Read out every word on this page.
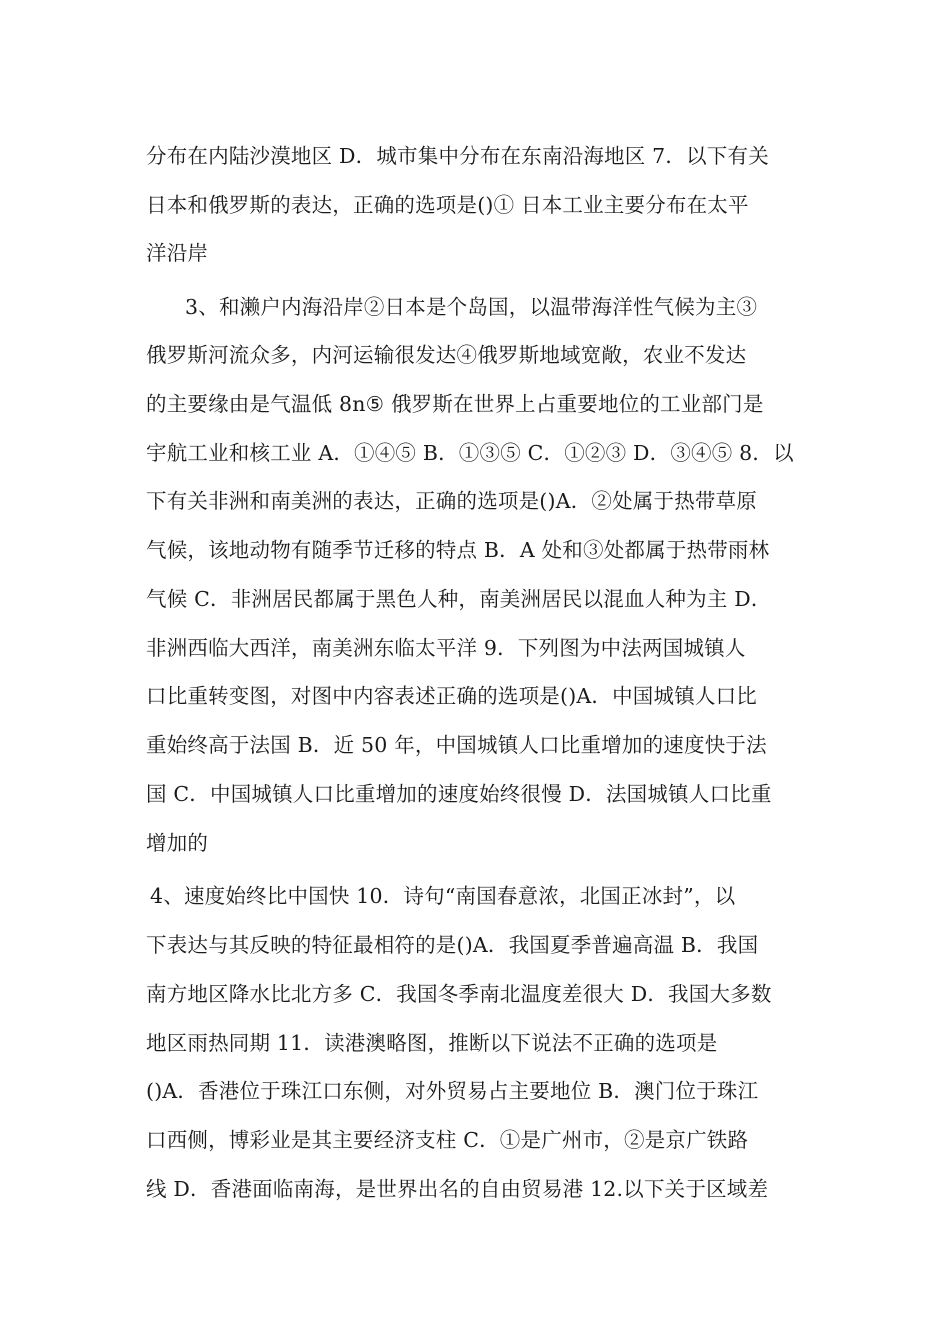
分布在内陆沙漠地区 D．城市集中分布在东南沿海地区 7．以下有关
日本和俄罗斯的表达，正确的选项是()① 日本工业主要分布在太平
洋沿岸
3、和濑户内海沿岸②日本是个岛国，以温带海洋性气候为主③
俄罗斯河流众多，内河运输很发达④俄罗斯地域宽敞，农业不发达
的主要缘由是气温低 8n⑤ 俄罗斯在世界上占重要地位的工业部门是
宇航工业和核工业 A．①④⑤ B．①③⑤ C．①②③ D．③④⑤ 8．以
下有关非洲和南美洲的表达，正确的选项是()A．②处属于热带草原
气候，该地动物有随季节迁移的特点 B．A 处和③处都属于热带雨林
气候 C．非洲居民都属于黑色人种，南美洲居民以混血人种为主 D．
非洲西临大西洋，南美洲东临太平洋 9．下列图为中法两国城镇人
口比重转变图，对图中内容表述正确的选项是()A．中国城镇人口比
重始终高于法国 B．近 50 年，中国城镇人口比重增加的速度快于法
国 C．中国城镇人口比重增加的速度始终很慢 D．法国城镇人口比重
增加的
4、速度始终比中国快 10．诗句“南国春意浓，北国正冰封”，以
下表达与其反映的特征最相符的是()A．我国夏季普遍高温 B．我国
南方地区降水比北方多 C．我国冬季南北温度差很大 D．我国大多数
地区雨热同期 11．读港澳略图，推断以下说法不正确的选项是
()A．香港位于珠江口东侧，对外贸易占主要地位 B．澳门位于珠江
口西侧，博彩业是其主要经济支柱 C．①是广州市，②是京广铁路
线 D．香港面临南海，是世界出名的自由贸易港 12.以下关于区域差
